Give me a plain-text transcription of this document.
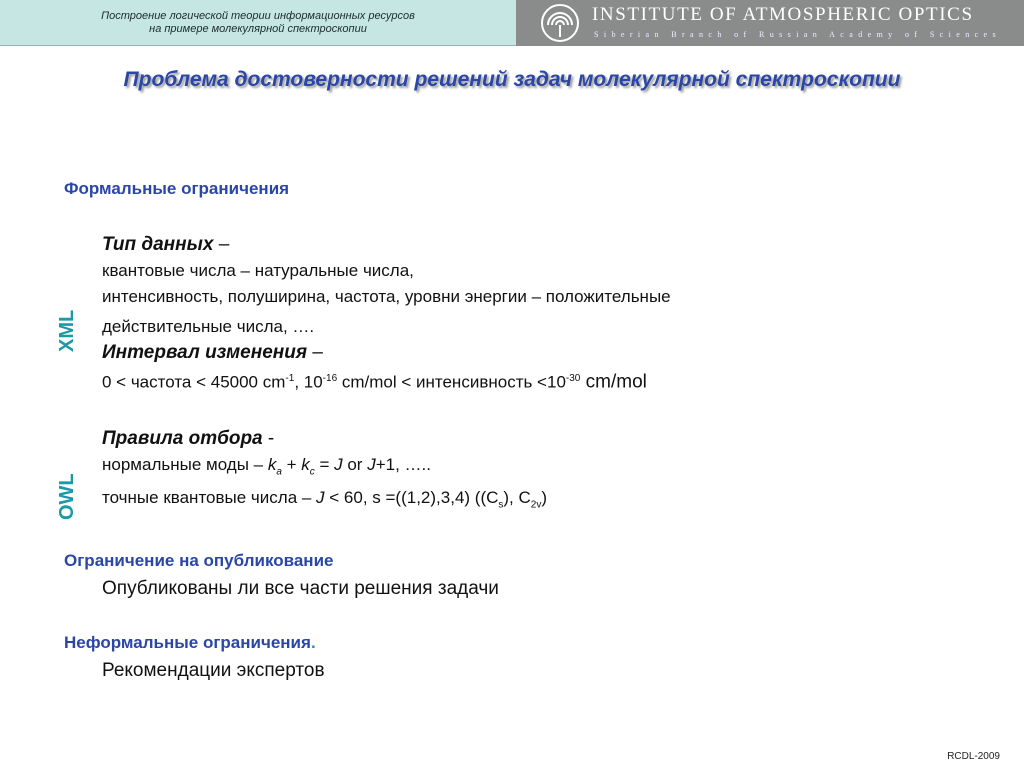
Построение логической теории информационных ресурсов
на примере молекулярной спектроскопии
INSTITUTE OF ATMOSPHERIC OPTICS
Siberian Branch of Russian Academy of Sciences
Проблема достоверности решений задач молекулярной спектроскопии
XML
OWL
Формальные ограничения
Тип данных –
квантовые числа – натуральные числа,
интенсивность, полуширина, частота, уровни энергии – положительные
действительные числа, ….
Интервал изменения –
0 < частота < 45000 $cm^{-1}$, $10^{-16}$ cm/mol < интенсивность $<10^{-30}$ cm/mol
Правила отбора -
нормальные моды – $k_a + k_c = J$ or J+1, …..
точные квантовые числа – J < 60, s =((1,2),3,4) ($(C_s)$, $C_{2v}$)
Ограничение на опубликование
Опубликованы ли все части решения задачи
Неформальные ограничения.
Рекомендации экспертов
RCDL-2009
